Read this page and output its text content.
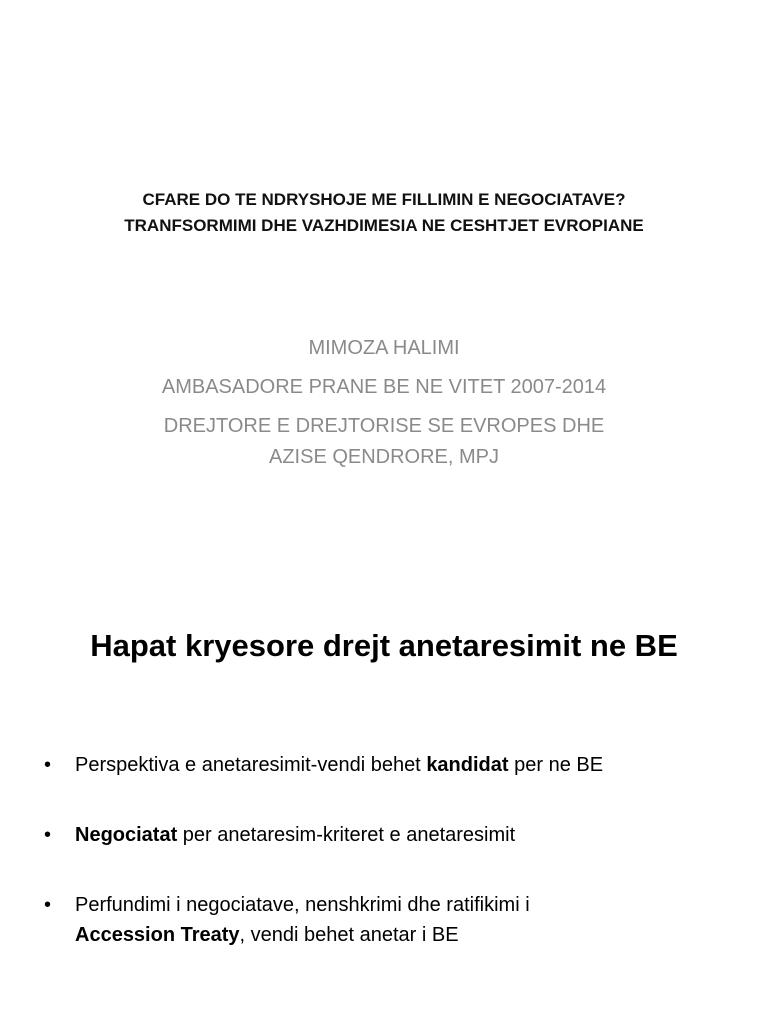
CFARE DO TE NDRYSHOJE ME FILLIMIN E NEGOCIATAVE?
TRANFSORMIMI DHE VAZHDIMESIA NE CESHTJET EVROPIANE
MIMOZA HALIMI
AMBASADORE PRANE BE NE VITET 2007-2014
DREJTORE E DREJTORISE SE EVROPES DHE
AZISE QENDRORE, MPJ
Hapat kryesore drejt anetaresimit ne BE
• Perspektiva e anetaresimit-vendi behet kandidat per ne BE
• Negociatat per anetaresim-kriteret e anetaresimit
• Perfundimi i negociatave, nenshkrimi dhe ratifikimi i
Accession Treaty, vendi behet anetar i BE
